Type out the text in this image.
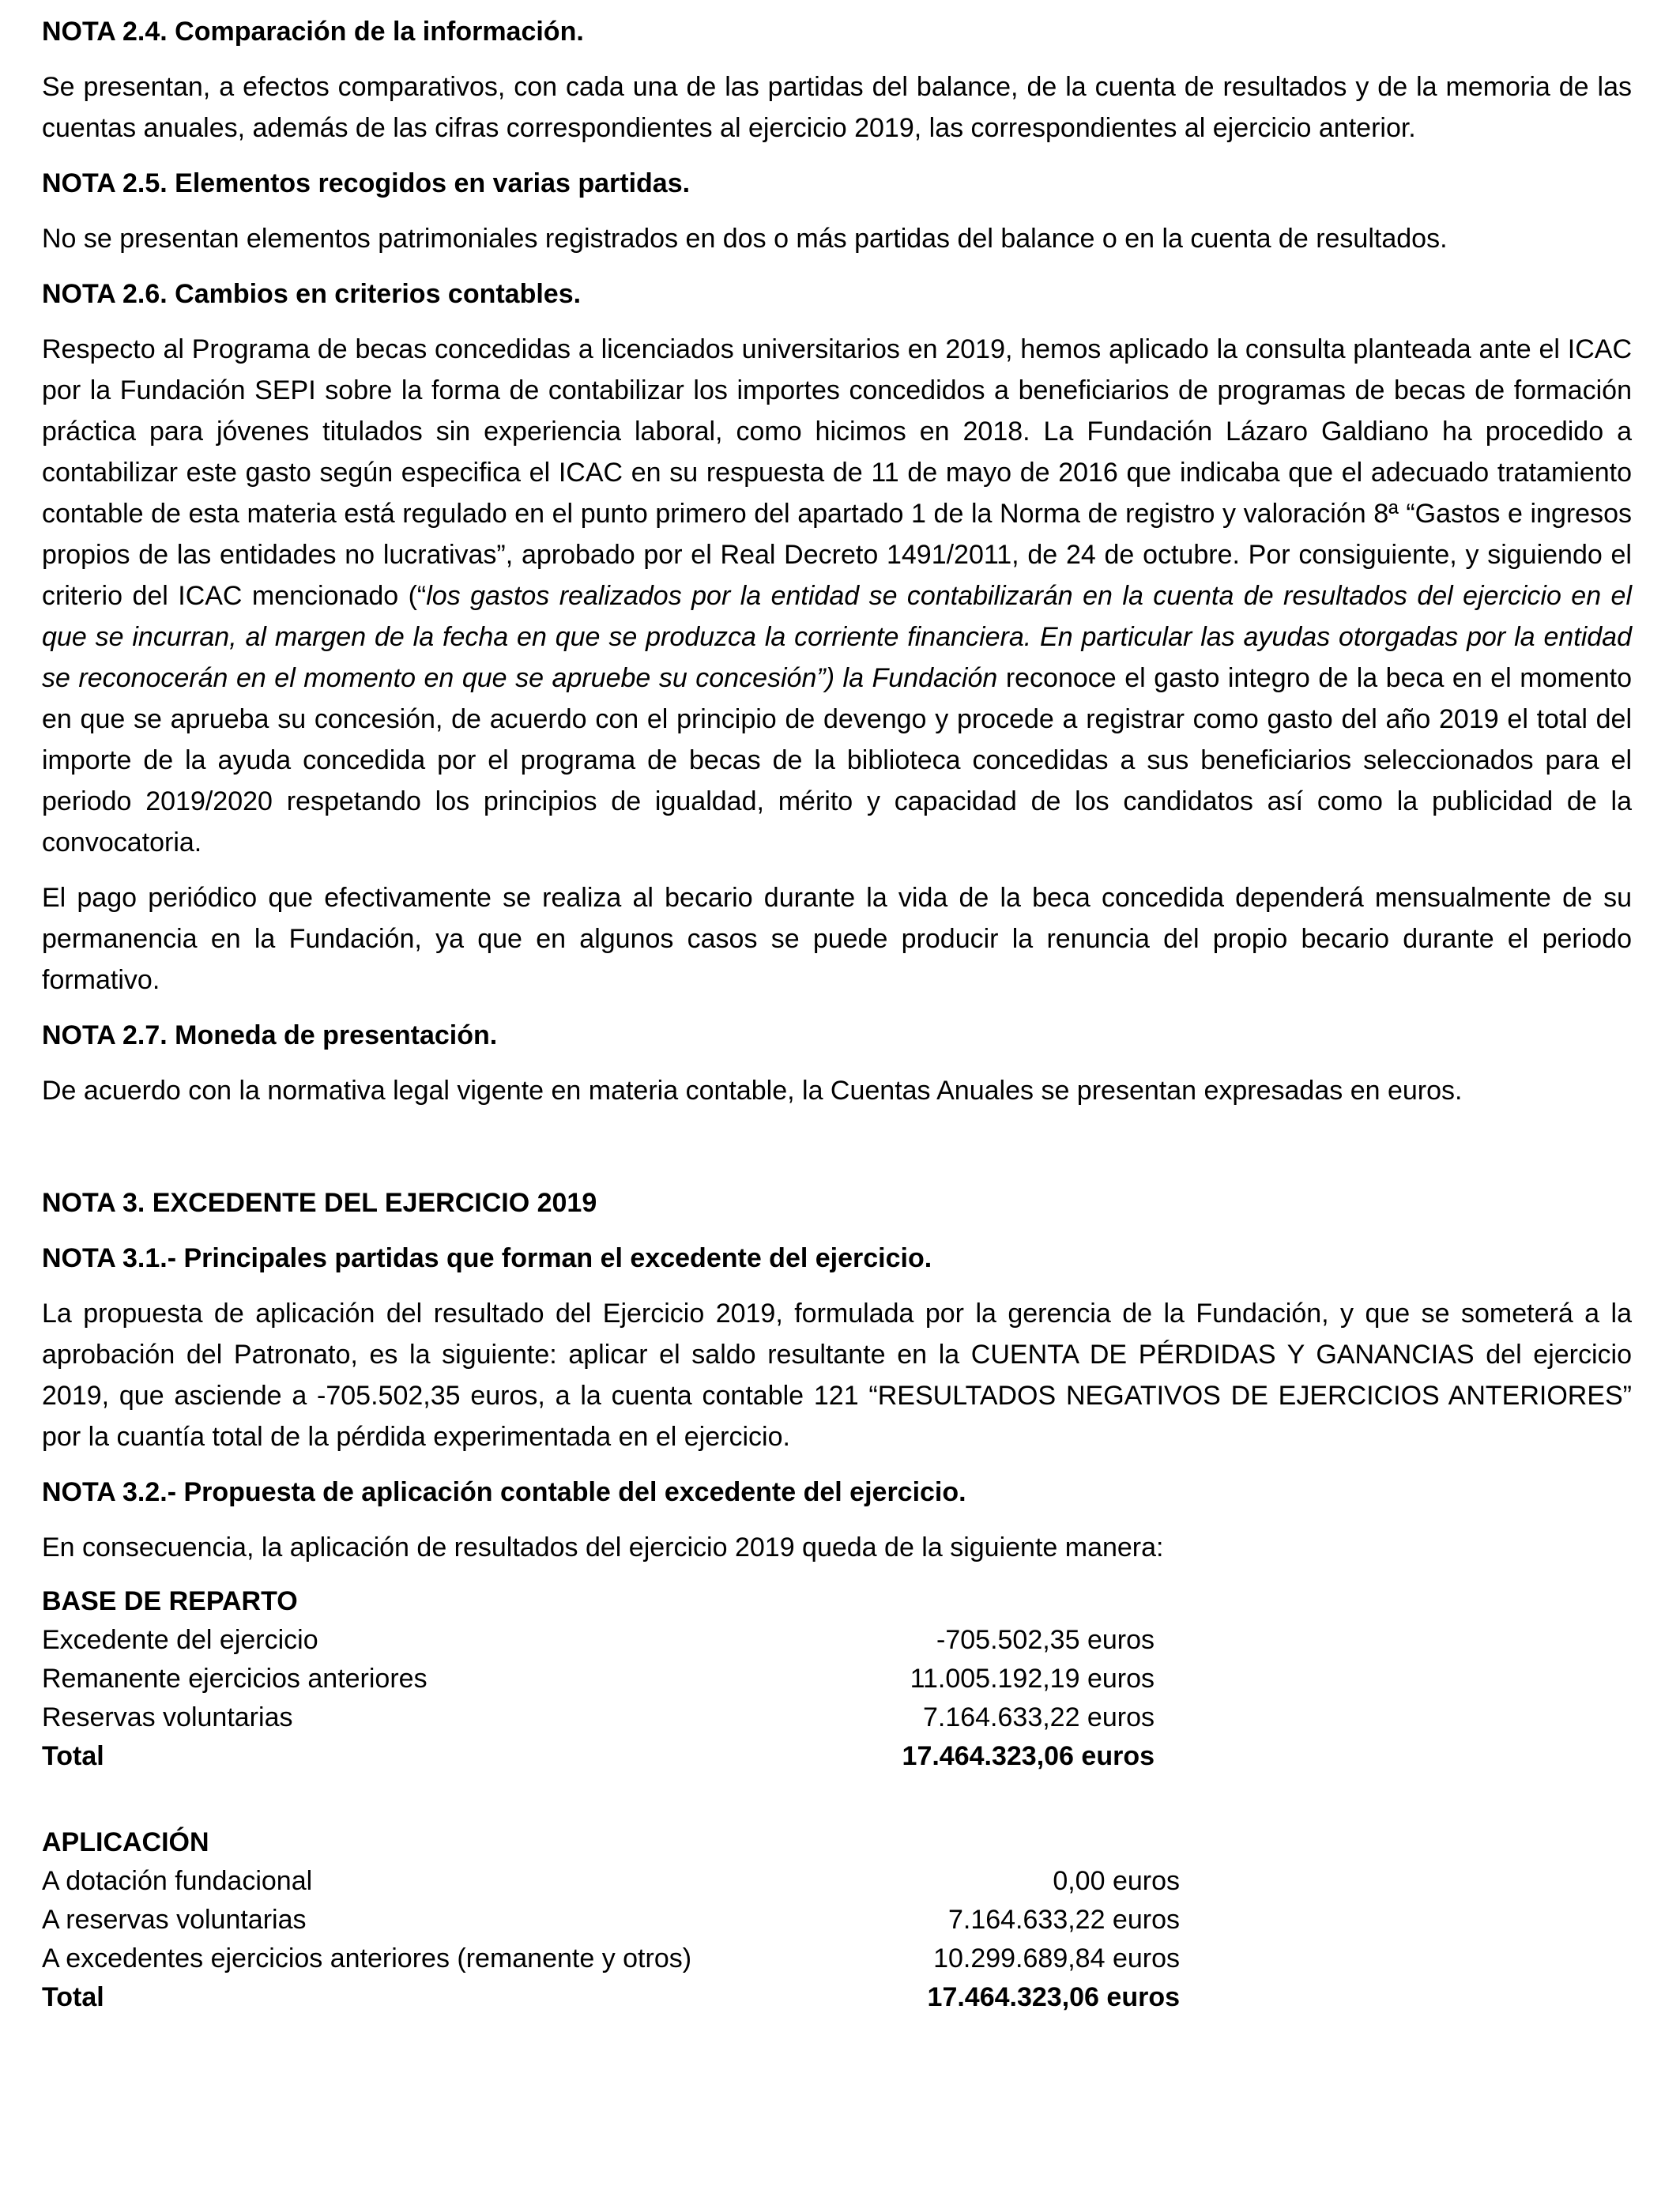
NOTA 2.4. Comparación de la información.

Se presentan, a efectos comparativos, con cada una de las partidas del balance, de la cuenta de resultados y de la memoria de las cuentas anuales, además de las cifras correspondientes al ejercicio 2019, las correspondientes al ejercicio anterior.

NOTA 2.5. Elementos recogidos en varias partidas.

No se presentan elementos patrimoniales registrados en dos o más partidas del balance o en la cuenta de resultados.

NOTA 2.6. Cambios en criterios contables.

Respecto al Programa de becas concedidas a licenciados universitarios en 2019, hemos aplicado la consulta planteada ante el ICAC por la Fundación SEPI sobre la forma de contabilizar los importes concedidos a beneficiarios de programas de becas de formación práctica para jóvenes titulados sin experiencia laboral, como hicimos en 2018. La Fundación Lázaro Galdiano ha procedido a contabilizar este gasto según especifica el ICAC en su respuesta de 11 de mayo de 2016 que indicaba que el adecuado tratamiento contable de esta materia está regulado en el punto primero del apartado 1 de la Norma de registro y valoración 8ª “Gastos e ingresos propios de las entidades no lucrativas”, aprobado por el Real Decreto 1491/2011, de 24 de octubre. Por consiguiente, y siguiendo el criterio del ICAC mencionado (“los gastos realizados por la entidad se contabilizarán en la cuenta de resultados del ejercicio en el que se incurran, al margen de la fecha en que se produzca la corriente financiera. En particular las ayudas otorgadas por la entidad se reconocerán en el momento en que se apruebe su concesión”) la Fundación reconoce el gasto integro de la beca en el momento en que se aprueba su concesión, de acuerdo con el principio de devengo y procede a registrar como gasto del año 2019 el total del importe de la ayuda concedida por el programa de becas de la biblioteca concedidas a sus beneficiarios seleccionados para el periodo 2019/2020 respetando los principios de igualdad, mérito y capacidad de los candidatos así como la publicidad de la convocatoria.

El pago periódico que efectivamente se realiza al becario durante la vida de la beca concedida dependerá mensualmente de su permanencia en la Fundación, ya que en algunos casos se puede producir la renuncia del propio becario durante el periodo formativo.

NOTA 2.7. Moneda de presentación.

De acuerdo con la normativa legal vigente en materia contable, la Cuentas Anuales se presentan expresadas en euros.

NOTA 3. EXCEDENTE DEL EJERCICIO 2019

NOTA 3.1.- Principales partidas que forman el excedente del ejercicio.

La propuesta de aplicación del resultado del Ejercicio 2019, formulada por la gerencia de la Fundación, y que se someterá a la aprobación del Patronato, es la siguiente: aplicar el saldo resultante en la CUENTA DE PÉRDIDAS Y GANANCIAS del ejercicio 2019, que asciende a -705.502,35 euros, a la cuenta contable 121 “RESULTADOS NEGATIVOS DE EJERCICIOS ANTERIORES” por la cuantía total de la pérdida experimentada en el ejercicio.

NOTA 3.2.- Propuesta de aplicación contable del excedente del ejercicio.

En consecuencia, la aplicación de resultados del ejercicio 2019 queda de la siguiente manera:

BASE DE REPARTO

Excedente del ejercicio	-705.502,35 euros
Remanente ejercicios anteriores	11.005.192,19 euros
Reservas voluntarias	7.164.633,22 euros
Total	17.464.323,06 euros

APLICACIÓN

A dotación fundacional	0,00 euros
A reservas voluntarias	7.164.633,22 euros
A excedentes ejercicios anteriores (remanente y otros)	10.299.689,84 euros
Total	17.464.323,06 euros
